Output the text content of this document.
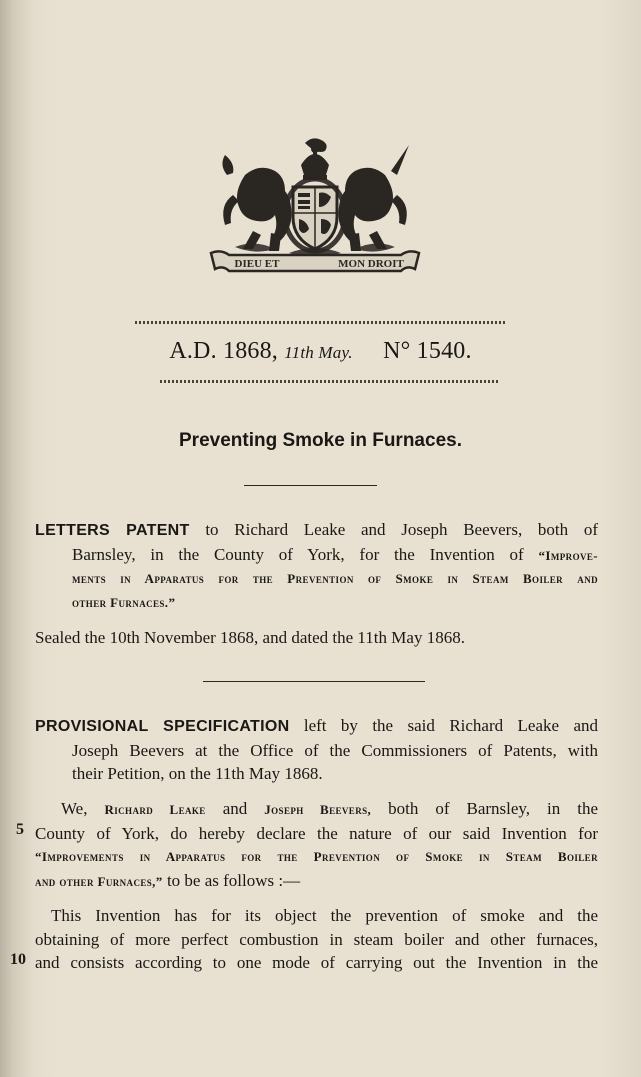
DIEU ET	MON DROIT
A.D. 1868, 11th May. N° 1540.
Preventing Smoke in Furnaces.
LETTERS PATENT to Richard Leake and Joseph Beevers, both of
Barnsley, in the County of York, for the Invention of “Improve-
ments in Apparatus for the Prevention of Smoke in Steam Boiler and
other Furnaces.”
Sealed the 10th November 1868, and dated the 11th May 1868.
PROVISIONAL SPECIFICATION left by the said Richard Leake and
Joseph Beevers at the Office of the Commissioners of Patents, with
their Petition, on the 11th May 1868.
We, Richard Leake and Joseph Beevers, both of Barnsley, in the
County of York, do hereby declare the nature of our said Invention for
“Improvements in Apparatus for the Prevention of Smoke in Steam Boiler
and other Furnaces,” to be as follows :—
This Invention has for its object the prevention of smoke and the
obtaining of more perfect combustion in steam boiler and other furnaces,
and consists according to one mode of carrying out the Invention in the
5
10
